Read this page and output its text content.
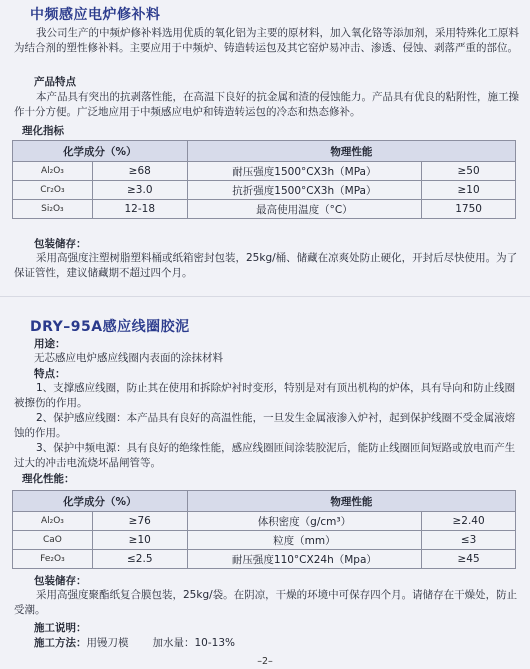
中频感应电炉修补料
我公司生产的中频炉修补料选用优质的氧化铝为主要的原材料，加入氧化铬等添加剂，采用特殊化工原料为结合剂的塑性修补料。主要应用于中频炉、铸造转运包及其它窑炉易冲击、渗透、侵蚀、剥落严重的部位。
产品特点
本产品具有突出的抗剥落性能，在高温下良好的抗金属和渣的侵蚀能力。产品具有优良的粘附性，施工操作十分方便。广泛地应用于中频感应电炉和铸造转运包的冷态和热态修补。
理化指标
化学成分（%）		物理性能	
Al₂O₃	≥68	耐压强度1500°CX3h（MPa）	≥50
Cr₂O₃	≥3.0	抗折强度1500°CX3h（MPa）	≥10
Si₂O₃	12-18	最高使用温度（°C）	1750
包装储存：
采用高强度注塑树脂塑料桶或纸箱密封包装，25kg/桶、储藏在凉爽处防止硬化，开封后尽快使用。为了保证管性，建议储藏期不超过四个月。
DRY–95A感应线圈胶泥
用途：
无芯感应电炉感应线圈内表面的涂抹材料
特点：
1、支撑感应线圈，防止其在使用和拆除炉衬时变形，特别是对有顶出机构的炉体，具有导向和防止线圈被擦伤的作用。
2、保护感应线圈：本产品具有良好的高温性能，一旦发生金属液渗入炉衬，起到保护线圈不受金属液熔蚀的作用。
3、保护中频电源：具有良好的绝缘性能，感应线圈匝间涂装胶泥后，能防止线圈匝间短路或放电而产生过大的冲击电流烧坏晶闸管等。
理化性能：
化学成分（%）		物理性能	
Al₂O₃	≥76	体积密度（g/cm³）	≥2.40
CaO	≥10	粒度（mm）	≤3
Fe₂O₃	≤2.5	耐压强度110°CX24h（Mpa）	≥45
包装储存：
采用高强度聚酯纸复合膜包装，25kg/袋。在阴凉，干燥的环境中可保存四个月。请储存在干燥处，防止受潮。
施工说明：
施工方法：用镘刀模 加水量：10-13%
–2–
